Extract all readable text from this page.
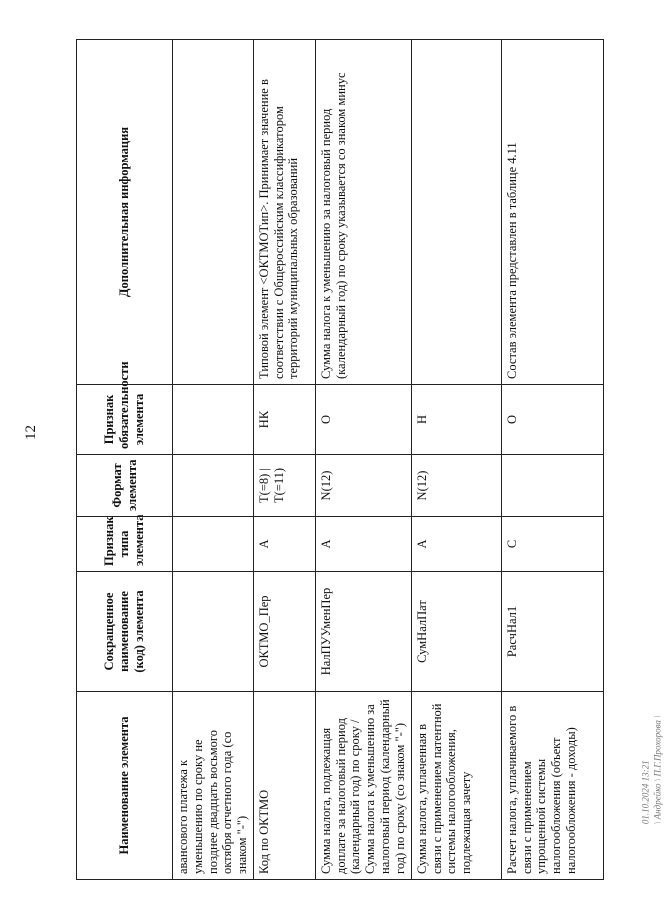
12
Наименование элемента	Сокращенное наименование (код) элемента	Признак типа элемента	Формат элемента	Признак обязательности элемента	Дополнительная информация
авансового платежа к уменьшению по сроку не позднее двадцать восьмого октября отчетного года (со знаком "-")					
Код по ОКТМО	ОКТМО_Пер	А	T(=8) | T(=11)	НК	Типовой элемент <ОКТМОТип>. Принимает значение в соответствии с Общероссийским классификатором территорий муниципальных образований
Сумма налога, подлежащая доплате за налоговый период (календарный год) по сроку / Сумма налога к уменьшению за налоговый период (календарный год) по сроку (со знаком "-")	НалПУУменПер	А	N(12)	О	Сумма налога к уменьшению за налоговый период (календарный год) по сроку указывается со знаком минус
Сумма налога, уплаченная в связи с применением патентной системы налогообложения, подлежащая зачету	СумНалПат	А	N(12)	Н	
Расчет налога, уплачиваемого в связи с применением упрощенной системы налогообложения (объект налогообложения - доходы)	РасчНал1	С		О	Состав элемента представлен в таблице 4.11
01.10.2024 13:21 \ Андрейко \ П.Г.Прохорова \
